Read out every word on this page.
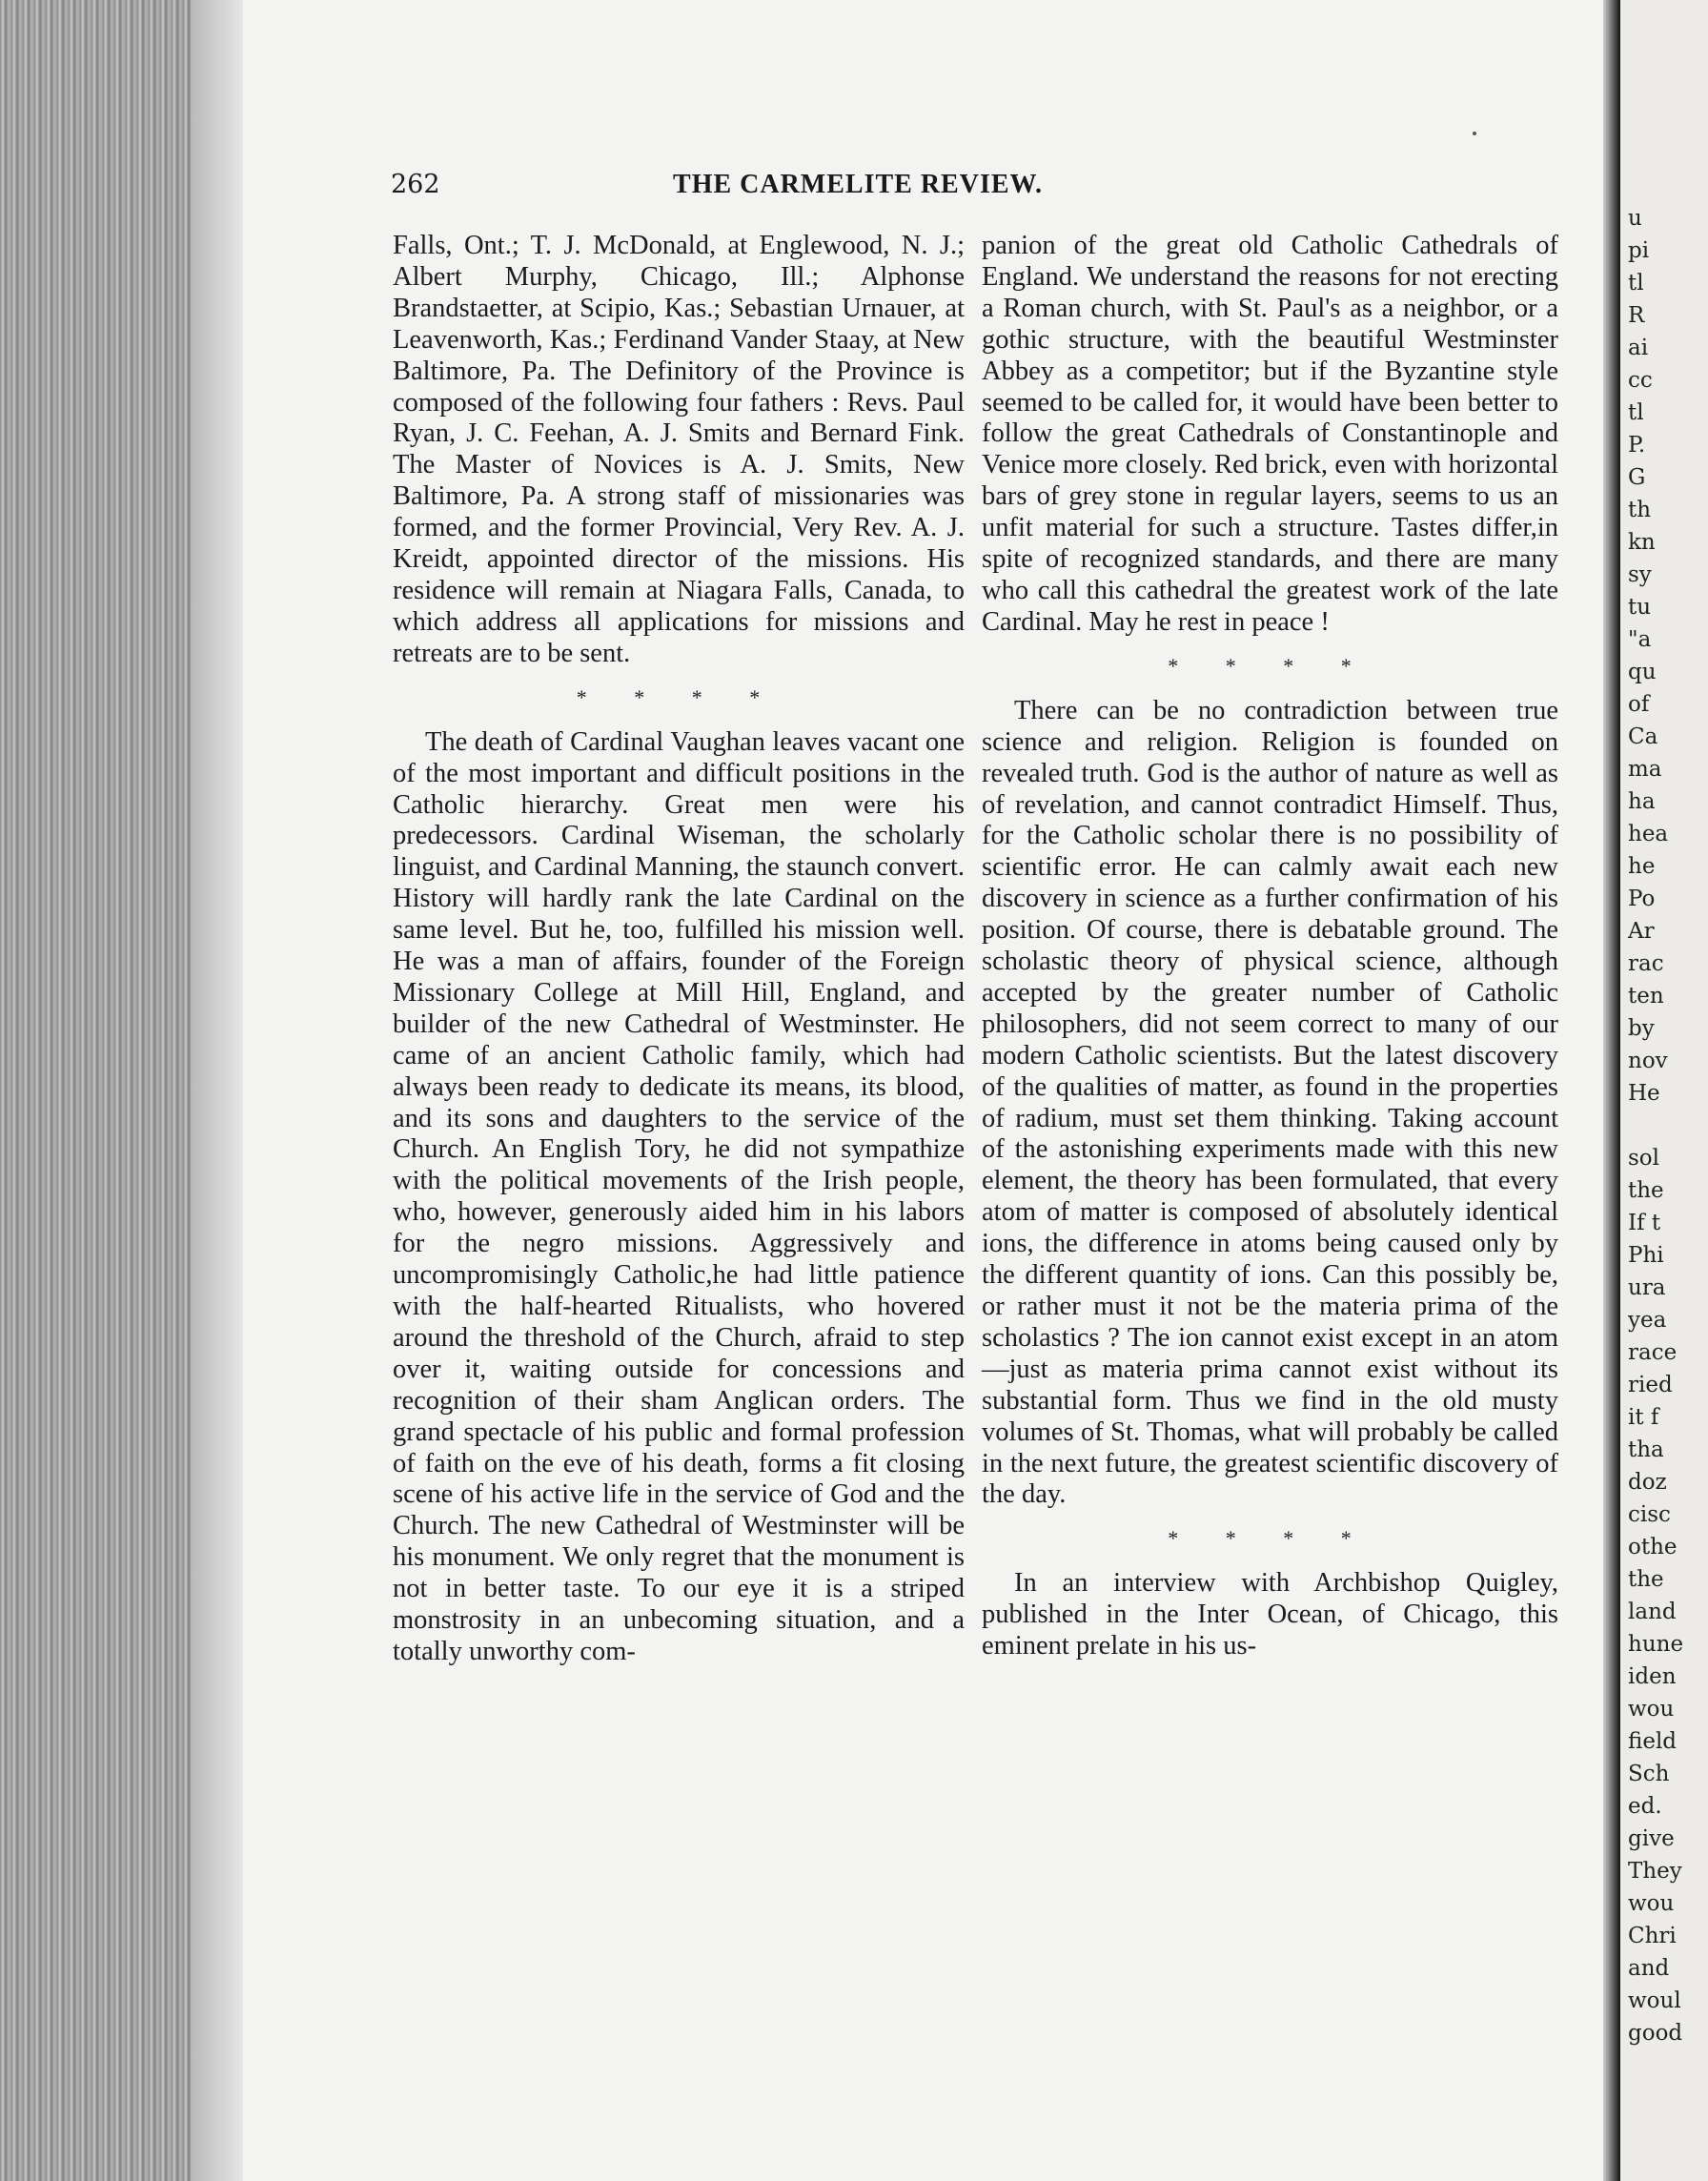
u
pi
tl
R
ai
cc
tl
P.
G
th
kn
sy
tu
"a
qu
of
Ca
ma
ha
hea
he
Po
Ar
rac
ten
by
nov
He

sol
the
If t
Phi
ura
yea
race
ried
it f
tha
doz
cisc
othe
the
land
hune
iden
wou
field
Sch
ed.
give
They
wou
Chri
and
woul
good
262	THE CARMELITE REVIEW.

Falls, Ont.; T. J. McDonald, at Englewood, N. J.; Albert Murphy, Chicago, Ill.; Alphonse Brandstaetter, at Scipio, Kas.; Sebastian Urnauer, at Leavenworth, Kas.; Ferdinand Vander Staay, at New Baltimore, Pa. The Definitory of the Province is composed of the following four fathers : Revs. Paul Ryan, J. C. Feehan, A. J. Smits and Bernard Fink. The Master of Novices is A. J. Smits, New Baltimore, Pa. A strong staff of missionaries was formed, and the former Provincial, Very Rev. A. J. Kreidt, appointed director of the missions. His residence will remain at Niagara Falls, Canada, to which address all applications for missions and retreats are to be sent.

* * * *

The death of Cardinal Vaughan leaves vacant one of the most important and difficult positions in the Catholic hierarchy. Great men were his predecessors. Cardinal Wiseman, the scholarly linguist, and Cardinal Manning, the staunch convert. History will hardly rank the late Cardinal on the same level. But he, too, fulfilled his mission well. He was a man of affairs, founder of the Foreign Missionary College at Mill Hill, England, and builder of the new Cathedral of Westminster. He came of an ancient Catholic family, which had always been ready to dedicate its means, its blood, and its sons and daughters to the service of the Church. An English Tory, he did not sympathize with the political movements of the Irish people, who, however, generously aided him in his labors for the negro missions. Aggressively and uncompromisingly Catholic,he had little patience with the half-hearted Ritualists, who hovered around the threshold of the Church, afraid to step over it, waiting outside for concessions and recognition of their sham Anglican orders. The grand spectacle of his public and formal profession of faith on the eve of his death, forms a fit closing scene of his active life in the service of God and the Church. The new Cathedral of Westminster will be his monument. We only regret that the monument is not in better taste. To our eye it is a striped monstrosity in an unbecoming situation, and a totally unworthy com-

panion of the great old Catholic Cathedrals of England. We understand the reasons for not erecting a Roman church, with St. Paul's as a neighbor, or a gothic structure, with the beautiful Westminster Abbey as a competitor; but if the Byzantine style seemed to be called for, it would have been better to follow the great Cathedrals of Constantinople and Venice more closely. Red brick, even with horizontal bars of grey stone in regular layers, seems to us an unfit material for such a structure. Tastes differ,in spite of recognized standards, and there are many who call this cathedral the greatest work of the late Cardinal. May he rest in peace !

* * * *

There can be no contradiction between true science and religion. Religion is founded on revealed truth. God is the author of nature as well as of revelation, and cannot contradict Himself. Thus, for the Catholic scholar there is no possibility of scientific error. He can calmly await each new discovery in science as a further confirmation of his position. Of course, there is debatable ground. The scholastic theory of physical science, although accepted by the greater number of Catholic philosophers, did not seem correct to many of our modern Catholic scientists. But the latest discovery of the qualities of matter, as found in the properties of radium, must set them thinking. Taking account of the astonishing experiments made with this new element, the theory has been formulated, that every atom of matter is composed of absolutely identical ions, the difference in atoms being caused only by the different quantity of ions. Can this possibly be, or rather must it not be the materia prima of the scholastics ? The ion cannot exist except in an atom—just as materia prima cannot exist without its substantial form. Thus we find in the old musty volumes of St. Thomas, what will probably be called in the next future, the greatest scientific discovery of the day.

* * * *

In an interview with Archbishop Quigley, published in the Inter Ocean, of Chicago, this eminent prelate in his us-
